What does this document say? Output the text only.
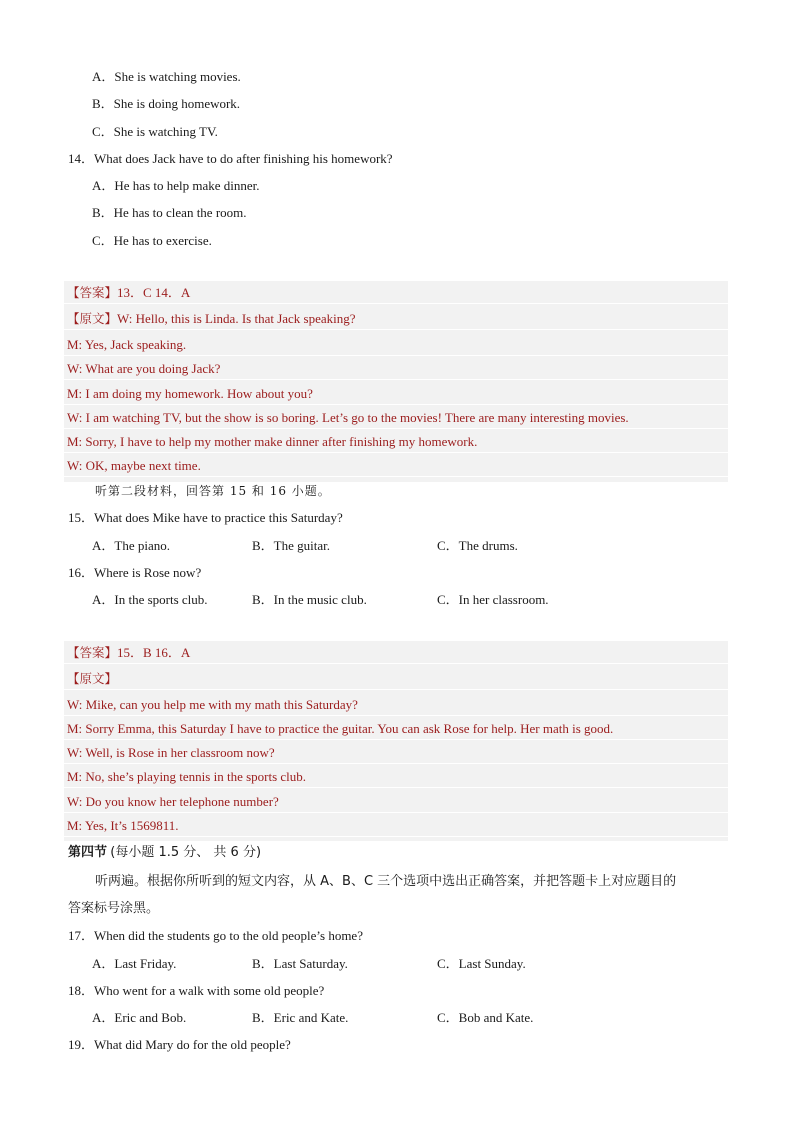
A．She is watching movies.
B．She is doing homework.
C．She is watching TV.
14．What does Jack have to do after finishing his homework?
A．He has to help make dinner.
B．He has to clean the room.
C．He has to exercise.
【答案】13．C 14．A
【原文】W: Hello, this is Linda. Is that Jack speaking?
M: Yes, Jack speaking.
W: What are you doing Jack?
M: I am doing my homework. How about you?
W: I am watching TV, but the show is so boring. Let’s go to the movies! There are many interesting movies.
M: Sorry, I have to help my mother make dinner after finishing my homework.
W: OK, maybe next time.
听第二段材料，回答第 15 和 16 小题。
15．What does Mike have to practice this Saturday?
A．The piano.	B．The guitar.	C．The drums.
16．Where is Rose now?
A．In the sports club.	B．In the music club.	C．In her classroom.
【答案】15．B 16．A
【原文】
W: Mike, can you help me with my math this Saturday?
M: Sorry Emma, this Saturday I have to practice the guitar. You can ask Rose for help. Her math is good.
W: Well, is Rose in her classroom now?
M: No, she’s playing tennis in the sports club.
W: Do you know her telephone number?
M: Yes, It’s 1569811.
第四节 (每小题 1.5 分、 共 6 分)
听两遍。根据你所听到的短文内容，从 A、B、C 三个选项中选出正确答案，并把答题卡上对应题目的
答案标号涂黑。
17．When did the students go to the old people’s home?
A．Last Friday.	B．Last Saturday.	C．Last Sunday.
18．Who went for a walk with some old people?
A．Eric and Bob.	B．Eric and Kate.	C．Bob and Kate.
19．What did Mary do for the old people?
